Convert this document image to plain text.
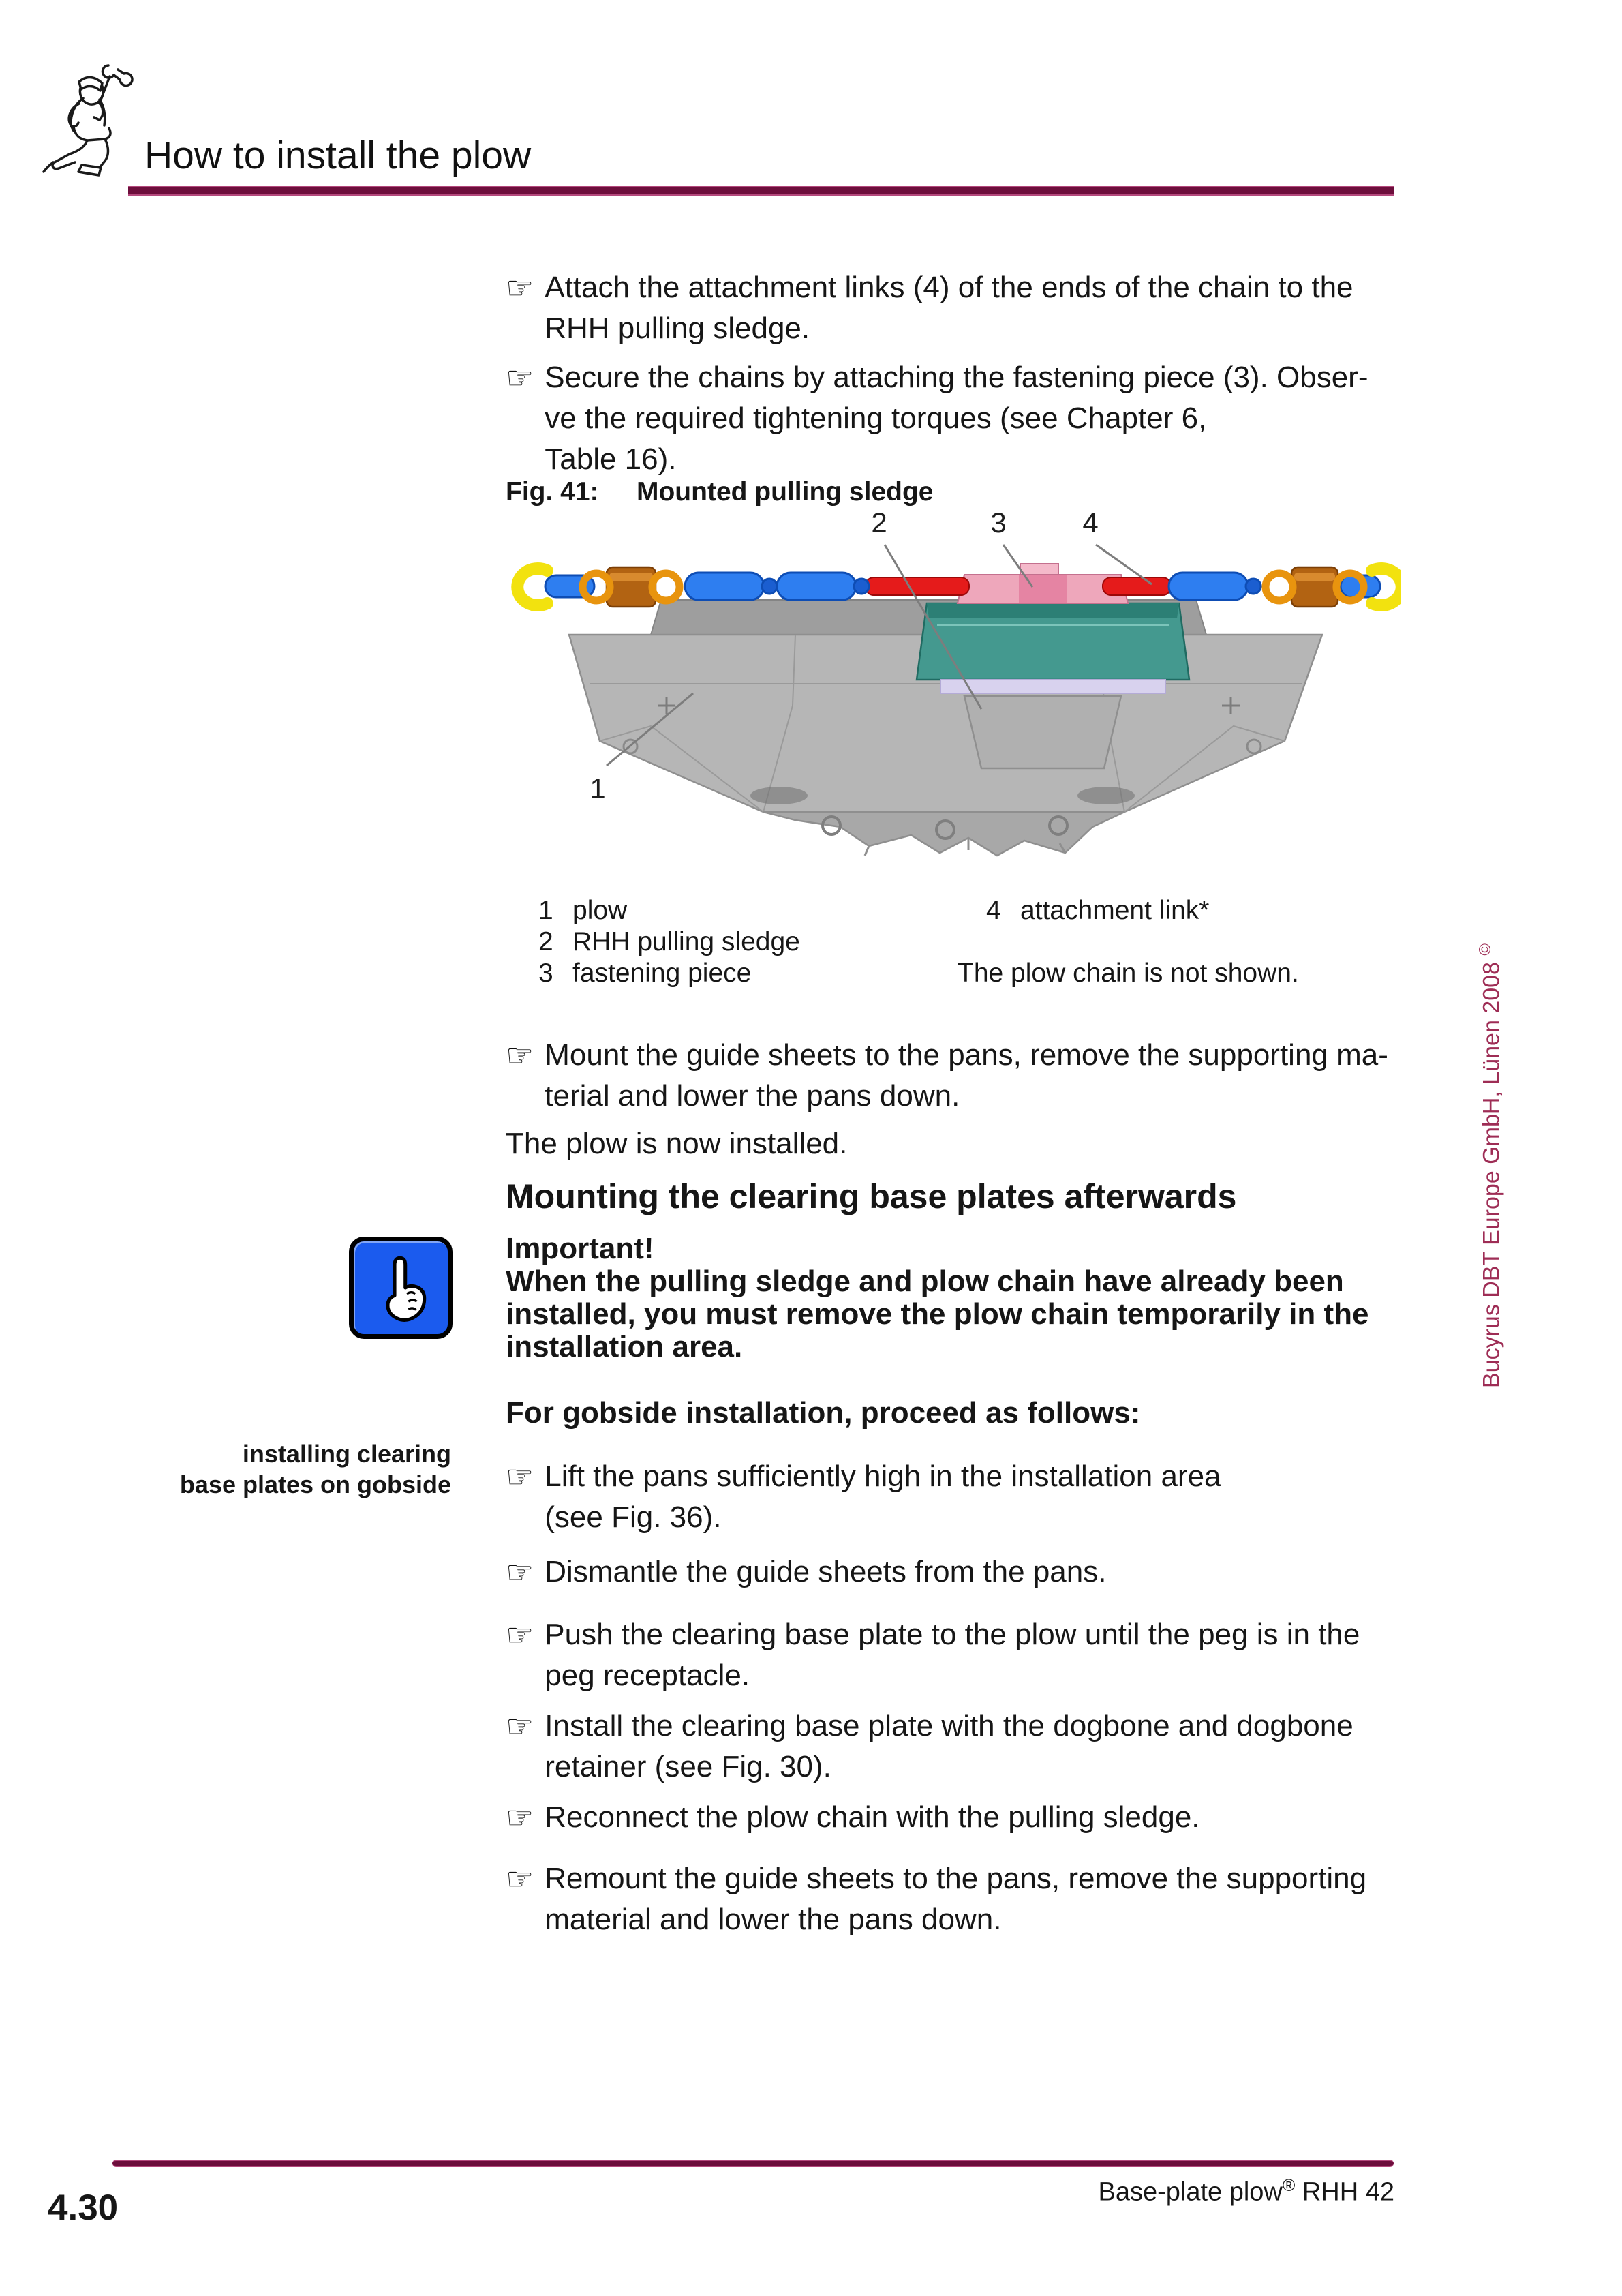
How to install the plow
☞ Attach the attachment links (4) of the ends of the chain to the
RHH pulling sledge.
☞ Secure the chains by attaching the fastening piece (3). Obser-
ve the required tightening torques (see Chapter 6,
Table 16).
Fig. 41: Mounted pulling sledge
2	3	4
1
1 plow
2 RHH pulling sledge
3 fastening piece
4 attachment link*
The plow chain is not shown.
☞ Mount the guide sheets to the pans, remove the supporting ma-
terial and lower the pans down.
The plow is now installed.
Mounting the clearing base plates afterwards
Important!
When the pulling sledge and plow chain have already been
installed, you must remove the plow chain temporarily in the
installation area.
For gobside installation, proceed as follows:
installing clearing
base plates on gobside ☞ Lift the pans sufficiently high in the installation area
(see Fig. 36).
☞ Dismantle the guide sheets from the pans.
☞ Push the clearing base plate to the plow until the peg is in the
peg receptacle.
☞ Install the clearing base plate with the dogbone and dogbone
retainer (see Fig. 30).
☞ Reconnect the plow chain with the pulling sledge.
☞ Remount the guide sheets to the pans, remove the supporting
material and lower the pans down.
Bucyrus DBT Europe GmbH, Lünen 2008 ©
Base-plate plow® RHH 42
4.30
